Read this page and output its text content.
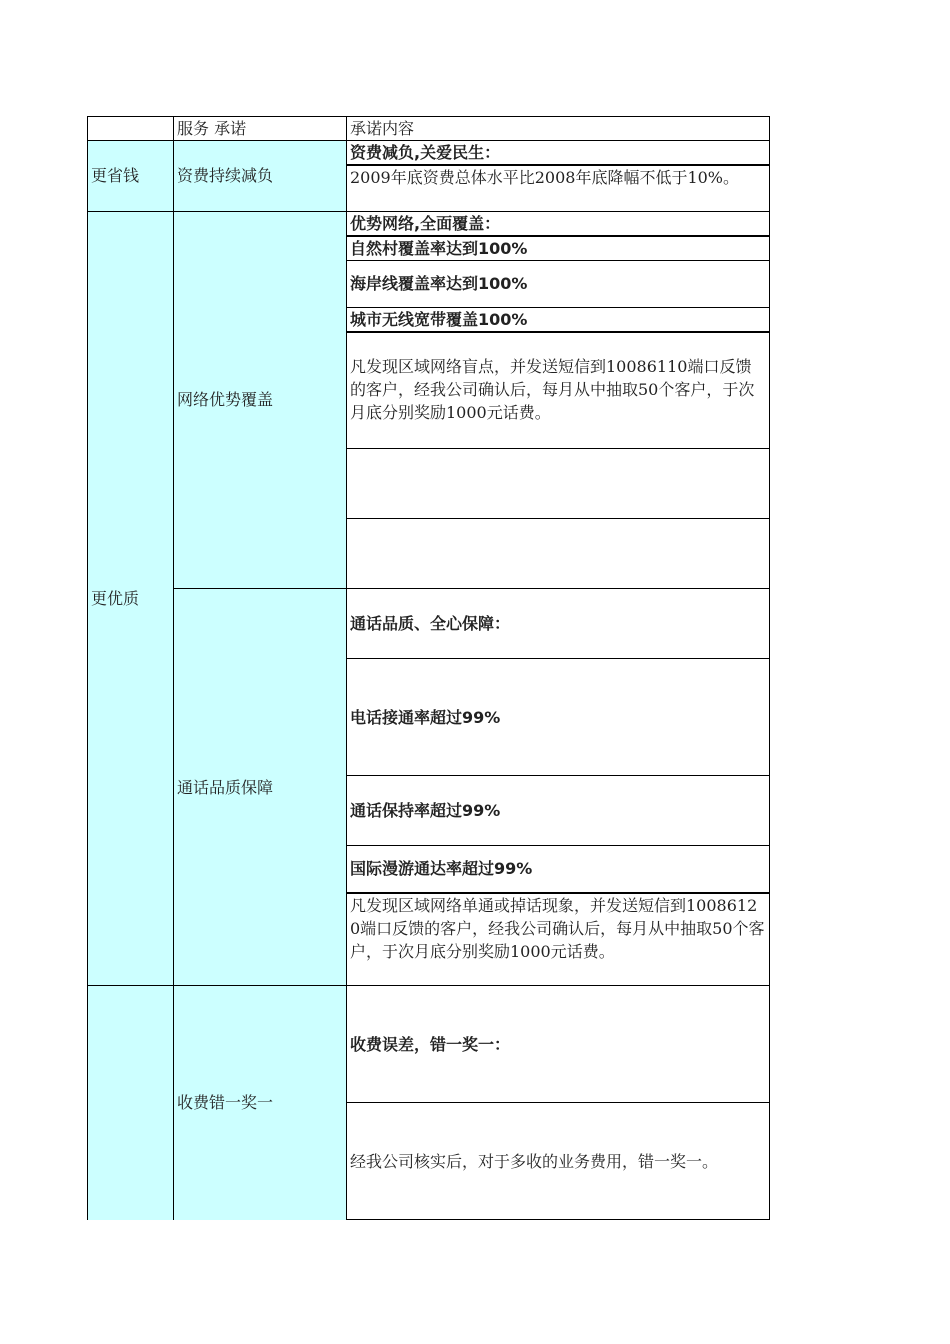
	服务 承诺	承诺内容
更省钱	资费持续减负	资费减负,关爱民生：
		2009年底资费总体水平比2008年底降幅不低于10%。
更优质	网络优势覆盖	优势网络,全面覆盖：
		自然村覆盖率达到100%
		海岸线覆盖率达到100%
		城市无线宽带覆盖100%
		凡发现区域网络盲点，并发送短信到10086110端口反馈的客户，经我公司确认后，每月从中抽取50个客户，于次月底分别奖励1000元话费。

	通话品质保障	通话品质、全心保障：
		电话接通率超过99%
		通话保持率超过99%
		国际漫游通达率超过99%
		凡发现区域网络单通或掉话现象，并发送短信到10086120端口反馈的客户，经我公司确认后，每月从中抽取50个客户，于次月底分别奖励1000元话费。
	收费错一奖一	收费误差，错一奖一：
		经我公司核实后，对于多收的业务费用，错一奖一。
